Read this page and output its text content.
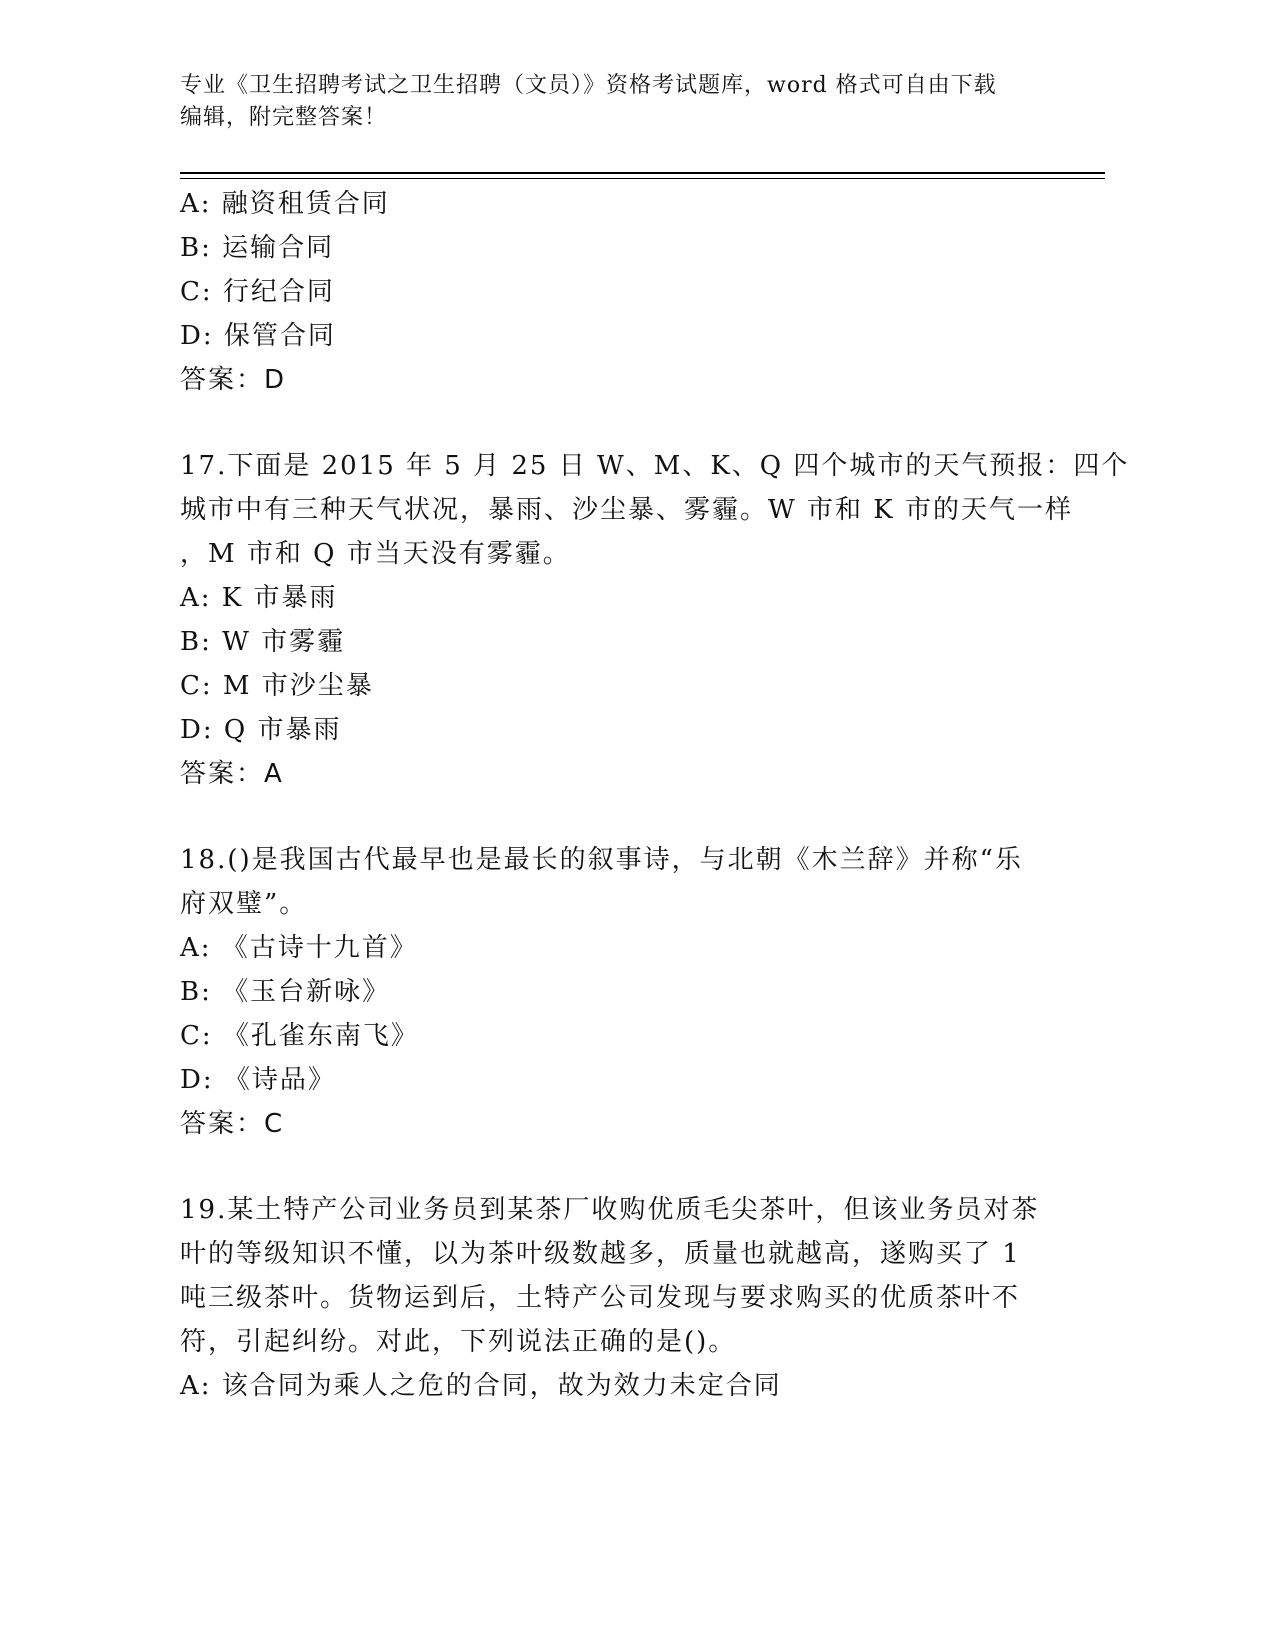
专业《卫生招聘考试之卫生招聘（文员）》资格考试题库，word 格式可自由下载
编辑，附完整答案！
A: 融资租赁合同
B: 运输合同
C: 行纪合同
D: 保管合同
答案：D
17.下面是 2015 年 5 月 25 日 W、M、K、Q 四个城市的天气预报：四个
城市中有三种天气状况，暴雨、沙尘暴、雾霾。W 市和 K 市的天气一样
，M 市和 Q 市当天没有雾霾。
A: K 市暴雨
B: W 市雾霾
C: M 市沙尘暴
D: Q 市暴雨
答案：A
18.()是我国古代最早也是最长的叙事诗，与北朝《木兰辞》并称“乐
府双璧”。
A: 《古诗十九首》
B: 《玉台新咏》
C: 《孔雀东南飞》
D: 《诗品》
答案：C
19.某土特产公司业务员到某茶厂收购优质毛尖茶叶，但该业务员对茶
叶的等级知识不懂，以为茶叶级数越多，质量也就越高，遂购买了 1
吨三级茶叶。货物运到后，土特产公司发现与要求购买的优质茶叶不
符，引起纠纷。对此，下列说法正确的是()。
A: 该合同为乘人之危的合同，故为效力未定合同
